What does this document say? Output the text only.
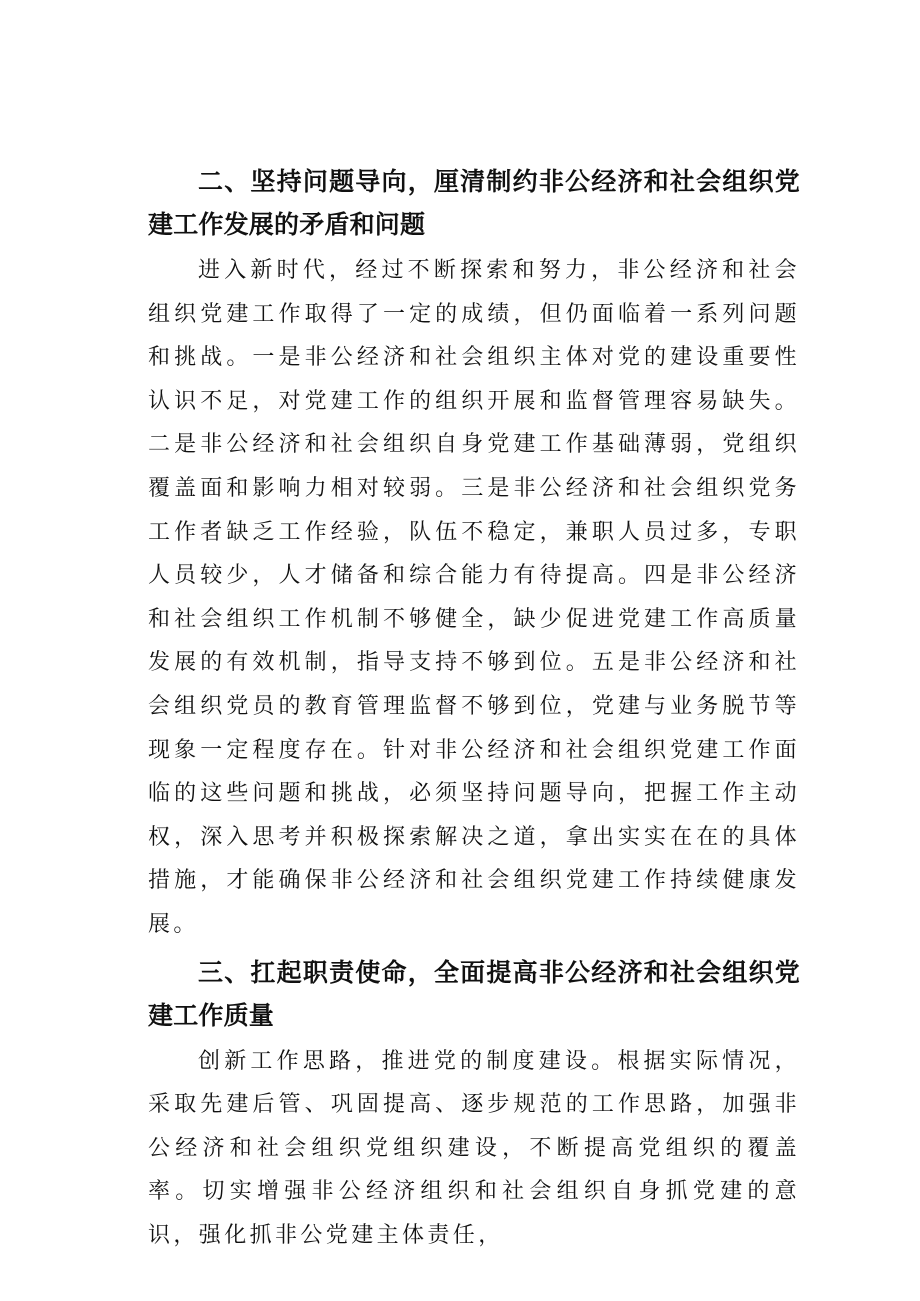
二、坚持问题导向，厘清制约非公经济和社会组织党建工作发展的矛盾和问题

进入新时代，经过不断探索和努力，非公经济和社会组织党建工作取得了一定的成绩，但仍面临着一系列问题和挑战。一是非公经济和社会组织主体对党的建设重要性认识不足，对党建工作的组织开展和监督管理容易缺失。二是非公经济和社会组织自身党建工作基础薄弱，党组织覆盖面和影响力相对较弱。三是非公经济和社会组织党务工作者缺乏工作经验，队伍不稳定，兼职人员过多，专职人员较少，人才储备和综合能力有待提高。四是非公经济和社会组织工作机制不够健全，缺少促进党建工作高质量发展的有效机制，指导支持不够到位。五是非公经济和社会组织党员的教育管理监督不够到位，党建与业务脱节等现象一定程度存在。针对非公经济和社会组织党建工作面临的这些问题和挑战，必须坚持问题导向，把握工作主动权，深入思考并积极探索解决之道，拿出实实在在的具体措施，才能确保非公经济和社会组织党建工作持续健康发展。

三、扛起职责使命，全面提高非公经济和社会组织党建工作质量

创新工作思路，推进党的制度建设。根据实际情况，采取先建后管、巩固提高、逐步规范的工作思路，加强非公经济和社会组织党组织建设，不断提高党组织的覆盖率。切实增强非公经济组织和社会组织自身抓党建的意识，强化抓非公党建主体责任，
